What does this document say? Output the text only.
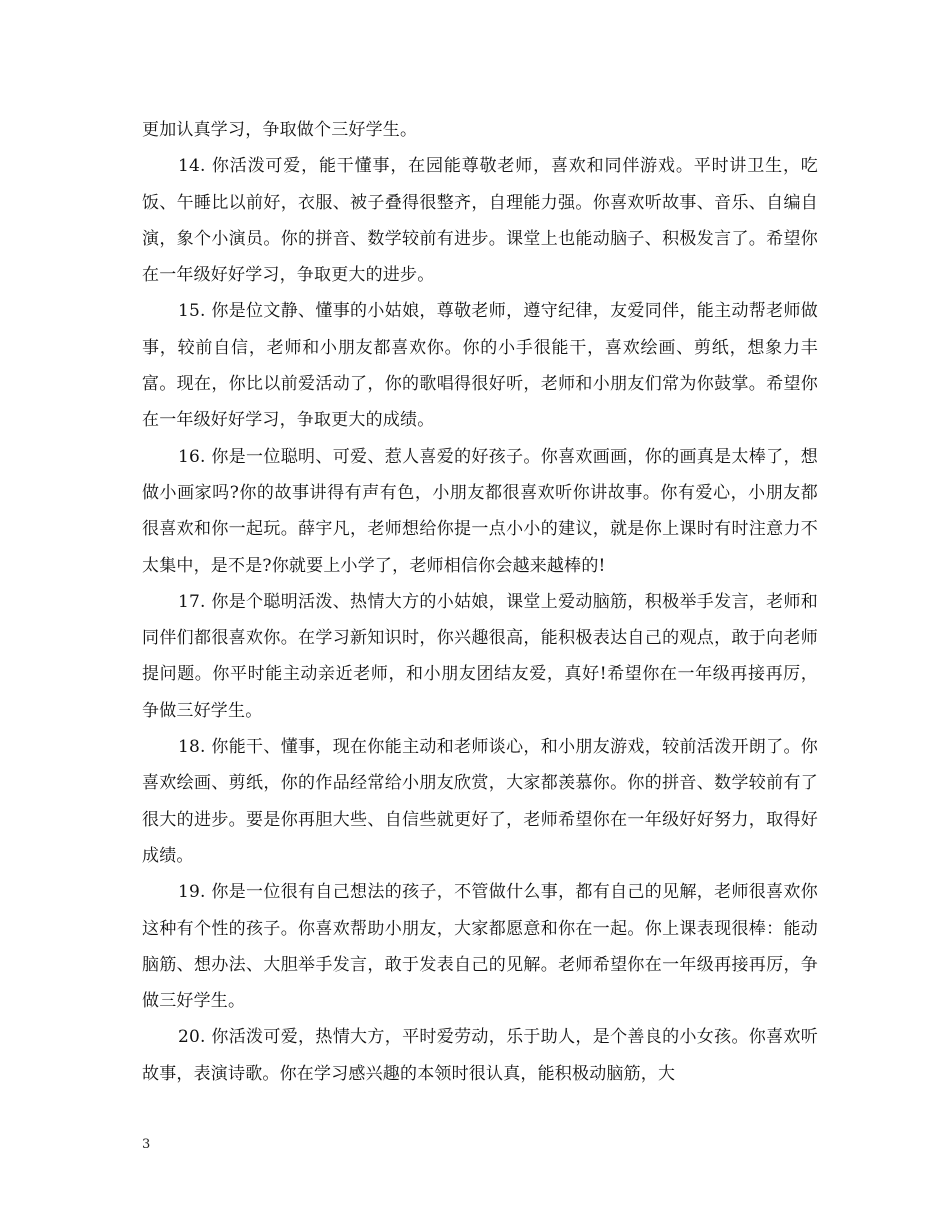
更加认真学习，争取做个三好学生。

14. 你活泼可爱，能干懂事，在园能尊敬老师，喜欢和同伴游戏。平时讲卫生，吃饭、午睡比以前好，衣服、被子叠得很整齐，自理能力强。你喜欢听故事、音乐、自编自演，象个小演员。你的拼音、数学较前有进步。课堂上也能动脑子、积极发言了。希望你在一年级好好学习，争取更大的进步。

15. 你是位文静、懂事的小姑娘，尊敬老师，遵守纪律，友爱同伴，能主动帮老师做事，较前自信，老师和小朋友都喜欢你。你的小手很能干，喜欢绘画、剪纸，想象力丰富。现在，你比以前爱活动了，你的歌唱得很好听，老师和小朋友们常为你鼓掌。希望你在一年级好好学习，争取更大的成绩。

16. 你是一位聪明、可爱、惹人喜爱的好孩子。你喜欢画画，你的画真是太棒了，想做小画家吗?你的故事讲得有声有色，小朋友都很喜欢听你讲故事。你有爱心，小朋友都很喜欢和你一起玩。薛宇凡，老师想给你提一点小小的建议，就是你上课时有时注意力不太集中，是不是?你就要上小学了，老师相信你会越来越棒的!

17. 你是个聪明活泼、热情大方的小姑娘，课堂上爱动脑筋，积极举手发言，老师和同伴们都很喜欢你。在学习新知识时，你兴趣很高，能积极表达自己的观点，敢于向老师提问题。你平时能主动亲近老师，和小朋友团结友爱，真好!希望你在一年级再接再厉，争做三好学生。

18. 你能干、懂事，现在你能主动和老师谈心，和小朋友游戏，较前活泼开朗了。你喜欢绘画、剪纸，你的作品经常给小朋友欣赏，大家都羡慕你。你的拼音、数学较前有了很大的进步。要是你再胆大些、自信些就更好了，老师希望你在一年级好好努力，取得好成绩。

19. 你是一位很有自己想法的孩子，不管做什么事，都有自己的见解，老师很喜欢你这种有个性的孩子。你喜欢帮助小朋友，大家都愿意和你在一起。你上课表现很棒：能动脑筋、想办法、大胆举手发言，敢于发表自己的见解。老师希望你在一年级再接再厉，争做三好学生。

20. 你活泼可爱，热情大方，平时爱劳动，乐于助人，是个善良的小女孩。你喜欢听故事，表演诗歌。你在学习感兴趣的本领时很认真，能积极动脑筋，大

3
